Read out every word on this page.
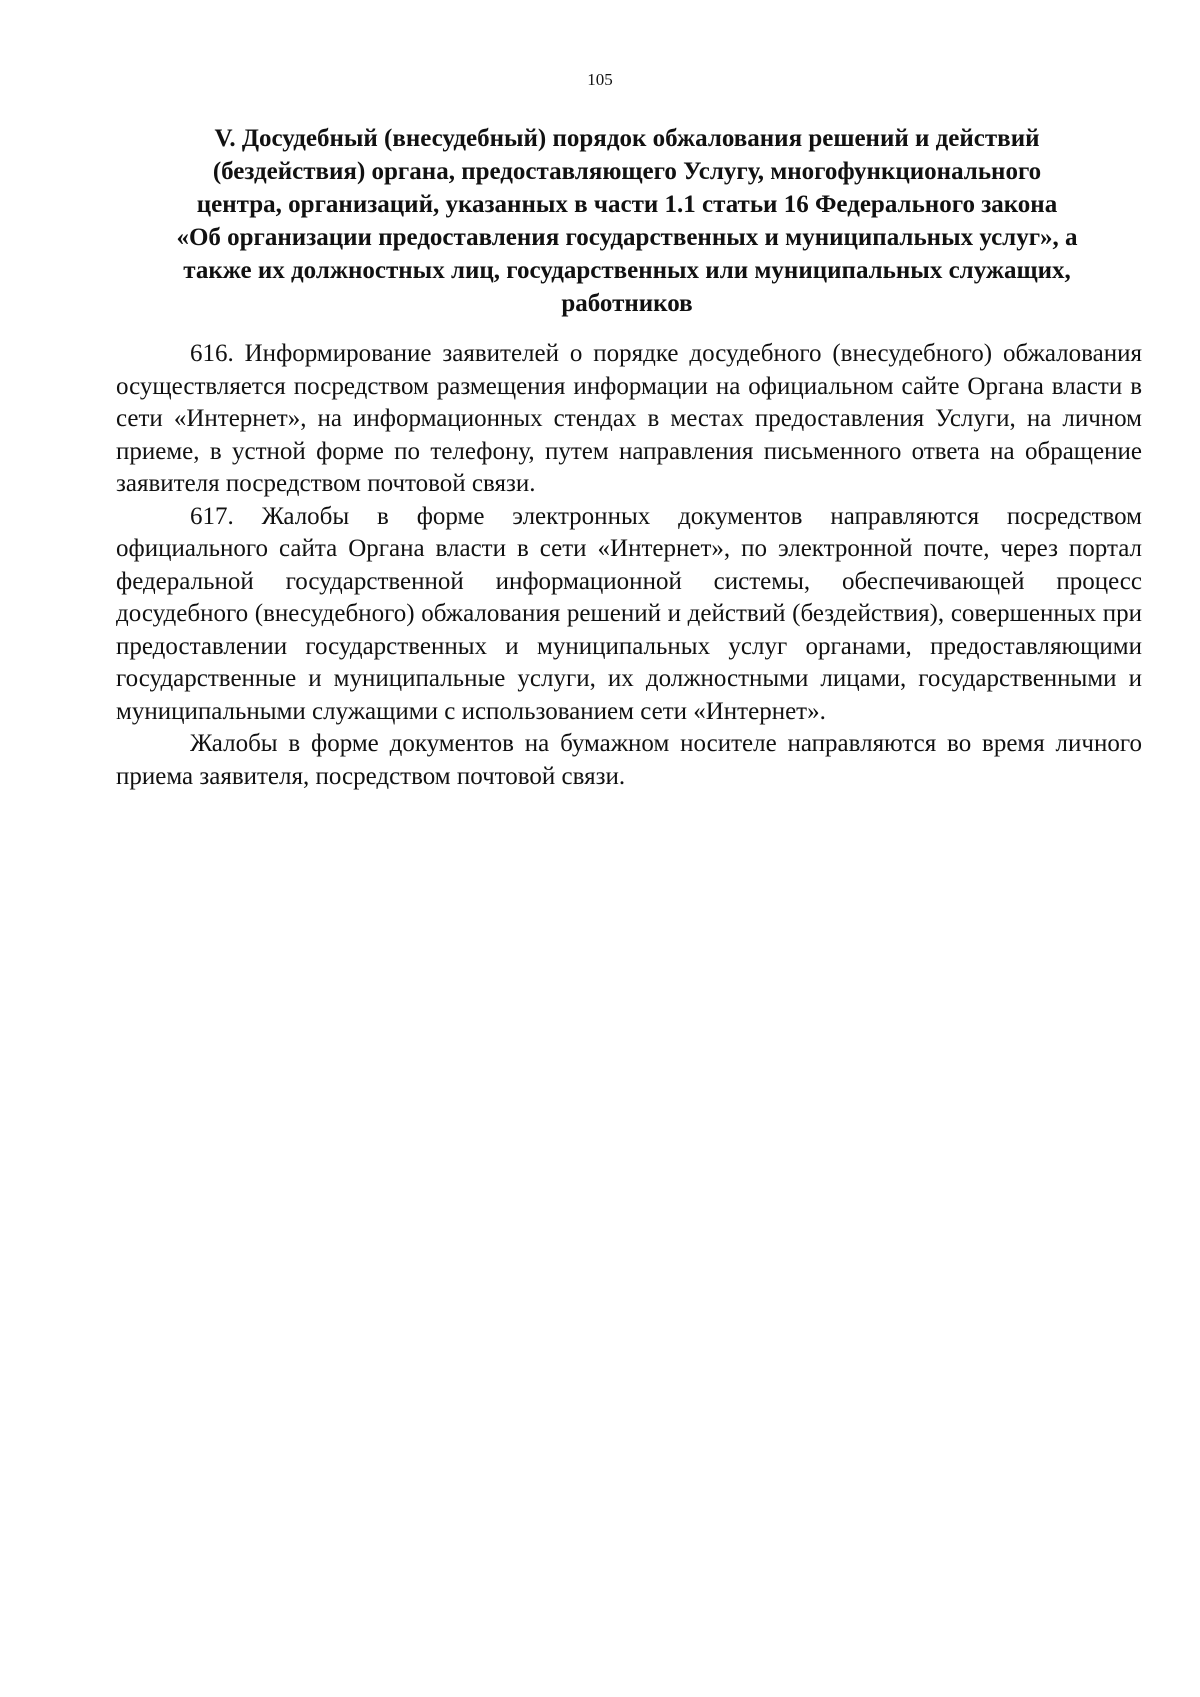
105
V. Досудебный (внесудебный) порядок обжалования решений и действий
(бездействия) органа, предоставляющего Услугу, многофункционального
центра, организаций, указанных в части 1.1 статьи 16 Федерального закона
«Об организации предоставления государственных и муниципальных услуг», а
также их должностных лиц, государственных или муниципальных служащих,
работников

616. Информирование заявителей о порядке досудебного (внесудебного) обжалования осуществляется посредством размещения информации на официальном сайте Органа власти в сети «Интернет», на информационных стендах в местах предоставления Услуги, на личном приеме, в устной форме по телефону, путем направления письменного ответа на обращение заявителя посредством почтовой связи.

617. Жалобы в форме электронных документов направляются посредством официального сайта Органа власти в сети «Интернет», по электронной почте, через портал федеральной государственной информационной системы, обеспечивающей процесс досудебного (внесудебного) обжалования решений и действий (бездействия), совершенных при предоставлении государственных и муниципальных услуг органами, предоставляющими государственные и муниципальные услуги, их должностными лицами, государственными и муниципальными служащими с использованием сети «Интернет».

Жалобы в форме документов на бумажном носителе направляются во время личного приема заявителя, посредством почтовой связи.
